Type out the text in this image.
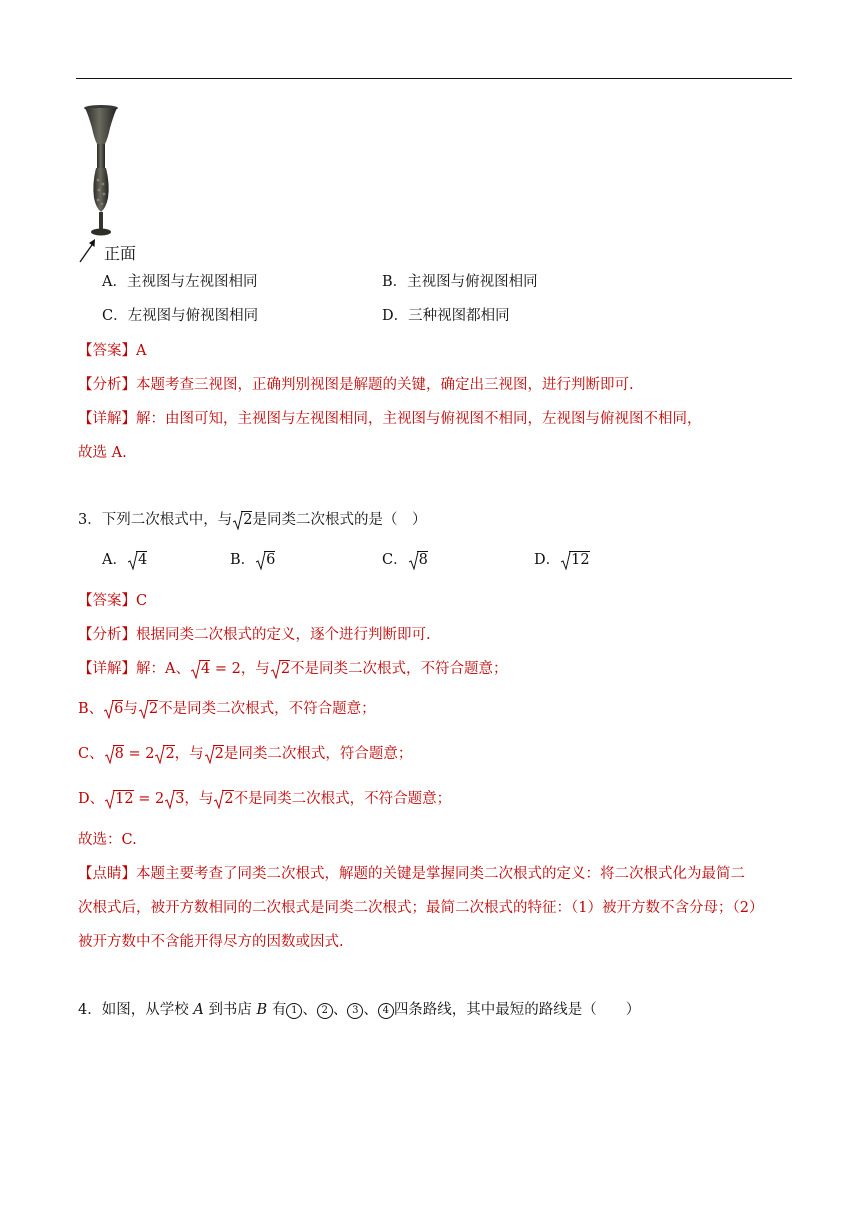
正面
A．主视图与左视图相同	B．主视图与俯视图相同
C．左视图与俯视图相同	D．三种视图都相同
【答案】A
【分析】本题考查三视图，正确判别视图是解题的关键，确定出三视图，进行判断即可.
【详解】解：由图可知，主视图与左视图相同，主视图与俯视图不相同，左视图与俯视图不相同，
故选 A.
3．下列二次根式中，与 2是同类二次根式的是（　）
A． 4	B． 6	C． 8	D． 12
【答案】C
【分析】根据同类二次根式的定义，逐个进行判断即可.
【详解】解：A、 4 = 2，与 2不是同类二次根式，不符合题意；
B、 6与 2不是同类二次根式，不符合题意；
C、 8 = 2 2，与 2是同类二次根式，符合题意；
D、 12 = 2 3，与 2不是同类二次根式，不符合题意；
故选：C.
【点睛】本题主要考查了同类二次根式，解题的关键是掌握同类二次根式的定义：将二次根式化为最简二
次根式后，被开方数相同的二次根式是同类二次根式；最简二次根式的特征：（1）被开方数不含分母；（2）
被开方数中不含能开得尽方的因数或因式.
4．如图，从学校 A 到书店 B 有 1 、 2 、 3 、 4 四条路线，其中最短的路线是（　　）
